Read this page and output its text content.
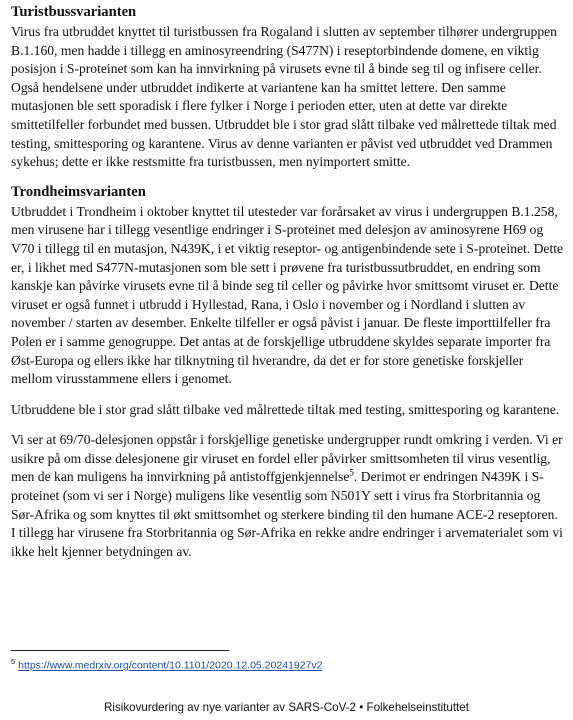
Turistbussvarianten

Virus fra utbruddet knyttet til turistbussen fra Rogaland i slutten av september tilhører undergruppen B.1.160, men hadde i tillegg en aminosyreendring (S477N) i reseptorbindende domene, en viktig posisjon i S-proteinet som kan ha innvirkning på virusets evne til å binde seg til og infisere celler. Også hendelsene under utbruddet indikerte at variantene kan ha smittet lettere. Den samme mutasjonen ble sett sporadisk i flere fylker i Norge i perioden etter, uten at dette var direkte smittetilfeller forbundet med bussen. Utbruddet ble i stor grad slått tilbake ved målrettede tiltak med testing, smittesporing og karantene. Virus av denne varianten er påvist ved utbruddet ved Drammen sykehus; dette er ikke restsmitte fra turistbussen, men nyimportert smitte.

Trondheimsvarianten

Utbruddet i Trondheim i oktober knyttet til utesteder var forårsaket av virus i undergruppen B.1.258, men virusene har i tillegg vesentlige endringer i S-proteinet med delesjon av aminosyrene H69 og V70 i tillegg til en mutasjon, N439K, i et viktig reseptor- og antigenbindende sete i S-proteinet. Dette er, i likhet med S477N-mutasjonen som ble sett i prøvene fra turistbussutbruddet, en endring som kanskje kan påvirke virusets evne til å binde seg til celler og påvirke hvor smittsomt viruset er. Dette viruset er også funnet i utbrudd i Hyllestad, Rana, i Oslo i november og i Nordland i slutten av november / starten av desember. Enkelte tilfeller er også påvist i januar. De fleste importtilfeller fra Polen er i samme genogruppe. Det antas at de forskjellige utbruddene skyldes separate importer fra Øst-Europa og ellers ikke har tilknytning til hverandre, da det er for store genetiske forskjeller mellom virusstammene ellers i genomet.

Utbruddene ble i stor grad slått tilbake ved målrettede tiltak med testing, smittesporing og karantene.

Vi ser at 69/70-delesjonen oppstår i forskjellige genetiske undergrupper rundt omkring i verden. Vi er usikre på om disse delesjonene gir viruset en fordel eller påvirker smittsomheten til virus vesentlig, men de kan muligens ha innvirkning på antistoffgjenkjennelse$^5$. Derimot er endringen N439K i S-proteinet (som vi ser i Norge) muligens like vesentlig som N501Y sett i virus fra Storbritannia og Sør-Afrika og som knyttes til økt smittsomhet og sterkere binding til den humane ACE-2 reseptoren. I tillegg har virusene fra Storbritannia og Sør-Afrika en rekke andre endringer i arvematerialet som vi ikke helt kjenner betydningen av.

$^5$ https://www.medrxiv.org/content/10.1101/2020.12.05.20241927v2
Risikovurdering av nye varianter av SARS-CoV-2 • Folkehelseinstituttet
